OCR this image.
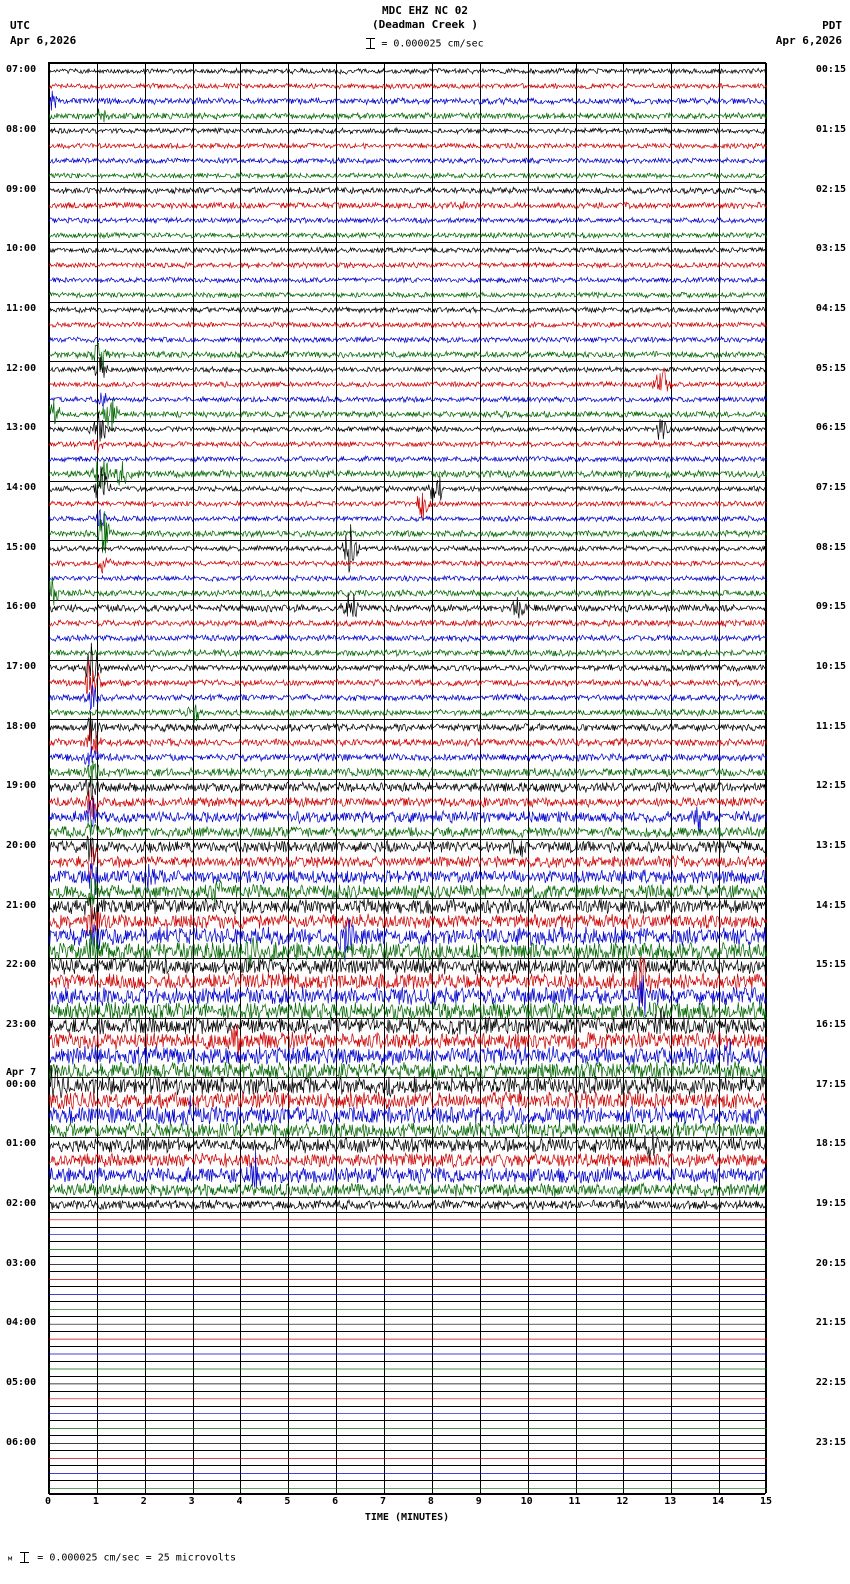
UTC
Apr 6,2026
MDC EHZ NC 02
(Deadman Creek )	PDT
Apr 6,2026
= 0.000025 cm/sec
0	1	2	3	4	5	6	7	8	9	10	11	12	13	14	15
TIME (MINUTES)
м	= 0.000025 cm/sec = 25 microvolts
07:00	00:15
08:00	01:15
09:00	02:15
10:00	03:15
11:00	04:15
12:00	05:15
13:00	06:15
14:00	07:15
15:00	08:15
16:00	09:15
17:00	10:15
18:00	11:15
19:00	12:15
20:00	13:15
21:00	14:15
22:00	15:15
23:00	16:15
00:00	17:15
01:00	18:15
02:00	19:15
03:00	20:15
04:00	21:15
05:00	22:15
06:00	23:15
Apr 7
